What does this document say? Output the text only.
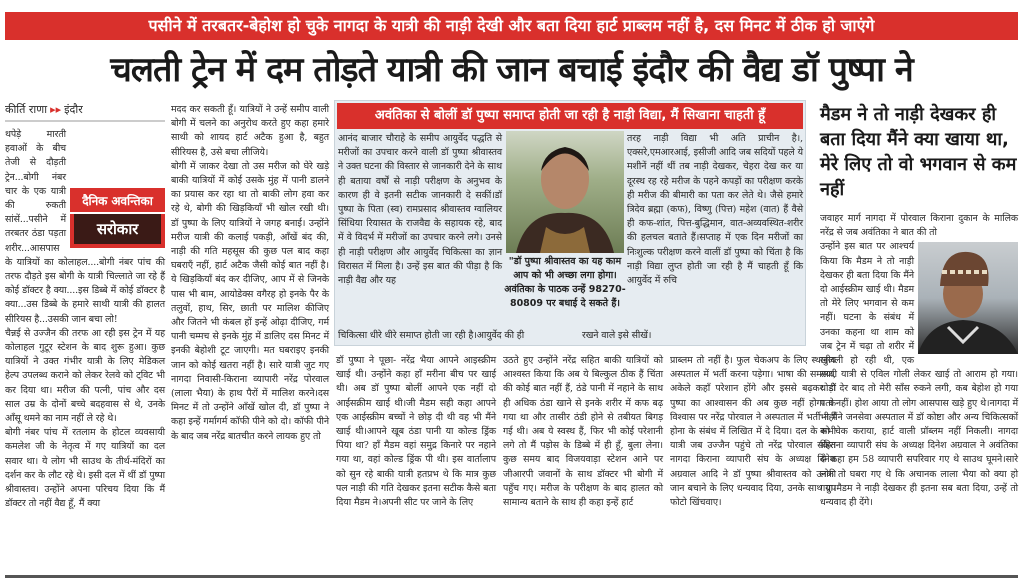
पसीने में तरबतर-बेहोश हो चुके नागदा के यात्री की नाड़ी देखी और बता दिया हार्ट प्राब्लम नहीं है, दस मिनट में ठीक हो जाएंगे
चलती ट्रेन में दम तोड़ते यात्री की जान बचाई इंदौर की वैद्य डॉ पुष्पा ने
कीर्ति राणा ▸▸ इंदौर
दैनिक अवन्तिका
सरोकार

थपेड़े मारती हवाओं के बीच तेजी से दौड़ती ट्रेन...बोगी नंबर चार के एक यात्री की रुकती सांसें...पसीने में तरबतर ठंडा पड़ता शरीर...आसपास के यात्रियों का कोलाहल....बोगी नंबर पांच की तरफ दौड़ते इस बोगी के यात्री चिल्लाते जा रहे हैं कोई डॉक्टर है क्या....इस डिब्बे में कोई डॉक्टर है क्या...उस डिब्बे के हमारे साथी यात्री की हालत सीरियस है...उसकी जान बचा लो!

चैन्नई से उज्जैन की तरफ आ रही इस ट्रेन में यह कोलाहल गुटूर स्टेशन के बाद शुरू हुआ। कुछ यात्रियों ने उक्त गंभीर यात्री के लिए मेडिकल हेल्प उपलब्ध कराने को लेकर रेलवे को ट्विट भी कर दिया था। मरीज की पत्नी, पांच और दस साल उम्र के दोनों बच्चे बदहवास से थे, उनके आँसू थमने का नाम नहीं ले रहे थे।

बोगी नंबर पांच में रतलाम के होटल व्यवसायी कमलेश जी के नेतृत्व में गए यात्रियों का दल सवार था। ये लोग भी साउथ के तीर्थ-मंदिरों का दर्शन कर के लौट रहे थे। इसी दल में थीं डॉ पुष्पा श्रीवास्तव। उन्होंने अपना परिचय दिया कि मैं डॉक्टर तो नहीं वैद्य हूँ, मैं क्या

मदद कर सकती हूँ। यात्रियों ने उन्हें समीप वाली बोगी में चलने का अनुरोध करते हुए कहा हमारे साथी को शायद हार्ट अटैक हुआ है, बहुत सीरियस है, उसे बचा लीजिये।

बोगी में जाकर देखा तो उस मरीज को घेरे खड़े बाकी यात्रियों में कोई उसके मुंह में पानी डालने का प्रयास कर रहा था तो बाकी लोग हवा कर रहे थे, बोगी की खिड़कियाँ भी खोल रखी थी। डॉ पुष्पा के लिए यात्रियों ने जगह बनाई। उन्होंने मरीज यात्री की कलाई पकड़ी, आँखें बंद की, नाड़ी की गति महसूस की कुछ पल बाद कहा घबराएँ नहीं, हार्ट अटैक जैसी कोई बात नहीं है। ये खिड़कियाँ बंद कर दीजिए, आप में से जिनके पास भी बाम, आयोडेक्स वगैरह हो इनके पैर के तलुवों, हाथ, सिर, छाती पर मालिश कीजिए और जितने भी कंबल हों इन्हें ओढ़ा दीजिए, गर्म पानी चम्मच से इनके मुंह में डालिए दस मिनट में इनकी बेहोशी टूट जाएगी। मत घबराइए इनकी जान को कोई खतरा नहीं है। सारे यात्री जुट गए नागदा निवासी-किराना व्यापारी नरेंद्र पोरवाल (लाला भैया) के हाथ पैरों में मालिश करने।दस मिनट में तो उन्होंने आँखें खोल दी, डॉ पुष्पा ने कहा इन्हें गर्मागर्म कॉफी पीने को दो। कॉफी पीने के बाद जब नरेंद्र बातचीत करने लायक हुए तो

अवंतिका से बोलीं डॉ पुष्पा समाप्त होती जा रही है नाड़ी विद्या, मैं सिखाना चाहती हूँ
आनंद बाजार चौराहे के समीप आयुर्वेद पद्धति से मरीजों का उपचार करने वाली डॉ पुष्पा श्रीवास्तव ने उक्त घटना की विस्तार से जानकारी देने के साथ ही बताया वर्षों से नाड़ी परीक्षण के अनुभव के कारण ही वे इतनी सटीक जानकारी दे सकीं।डॉ पुष्पा के पिता (स्व) रामप्रसाद श्रीवास्तव ग्वालियर सिंधिया रियासत के राजवैद्य के सहायक रहे, बाद में वे विदर्भ में मरीजों का उपचार करने लगे। उनसे ही नाड़ी परीक्षण और आयुर्वेद चिकित्सा का ज्ञान विरासत में मिला है। उन्हें इस बात की पीड़ा है कि नाड़ी वैद्य और यह
"डॉ पुष्पा श्रीवास्तव का यह काम आप को भी अच्छा लगा होगा। अवंतिका के पाठक उन्हें 98270-80809 पर बधाई दे सकते हैं।
तरह नाड़ी विद्या भी अति प्राचीन है।, एक्सरे,एमआरआई, इसीजी आदि जब सदियों पहले ये मशीनें नहीं थीं तब नाड़ी देखकर, चेहरा देख कर या दूरस्थ रह रहे मरीज के पहने कपड़ों का परीक्षण करके ही मरीज की बीमारी का पता कर लेते थे। जैसे हमारे त्रिदेव ब्रह्मा (कफ), विष्णु (पित्त) महेश (वात) हैं वैसे ही कफ-शांत, पित्त-बुद्धिमान, वात-अव्यवस्थित-शरीर की हलचल बताते हैं।सप्ताह में एक दिन मरीजों का निःशुल्क परीक्षण करने वालीं डॉ पुष्पा को चिंता है कि नाड़ी विद्या लुप्त होती जा रही है मैं चाहती हूँ कि आयुर्वेद में रुचि
चिकित्सा धीरे धीरे समाप्त होती जा रही है।आयुर्वेद की ही	रखने वाले इसे सीखें।
डॉ पुष्पा ने पूछा- नरेंद्र भैया आपने आइस्क्रीम खाई थी। उन्होंने कहा हाँ मरीना बीच पर खाई थी। अब डॉ पुष्पा बोलीं आपने एक नहीं दो आईसक्रीम खाई थी।जी मैडम सही कहा आपने एक आईस्क्रीम बच्चों ने छोड़ दी थी वह भी मैंने खाई थी।आपने खूब ठंडा पानी या कोल्ड ड्रिंक पिया था? हाँ मैडम वहां समुद्र किनारे पर नहाने गया था, वहां कोल्ड ड्रिंक पी थी। इस वार्तालाप को सुन रहे बाकी यात्री हतप्रभ थे कि मात्र कुछ पल नाड़ी की गति देखकर इतना सटीक कैसे बता दिया मैडम ने।अपनी सीट पर जाने के लिए
उठते हुए उन्होंने नरेंद्र सहित बाकी यात्रियों को आश्वस्त किया कि अब ये बिल्कुल ठीक हैं चिंता की कोई बात नहीं हैं, ठंडे पानी में नहाने के साथ ही अधिक ठंडा खाने से इनके शरीर में कफ बढ़ गया था और तासीर ठंडी होने से तबीयत बिगड़ गई थी। अब ये स्वस्थ हैं, फिर भी कोई परेशानी लगे तो मैं पड़ोस के डिब्बे में ही हूँ, बुला लेना। कुछ समय बाद विजयवाड़ा स्टेशन आने पर जीआरपी जवानों के साथ डॉक्टर भी बोगी में पहुँच गए। मरीज के परीक्षण के बाद हालत को सामान्य बताने के साथ ही कहा इन्हें हार्ट
प्राब्लम तो नहीं है। फुल चेकअप के लिए स्थानीय अस्पताल में भर्ती करना पड़ेगा। भाषा की समस्या, अकेले कहाँ परेशान होंगे और इससे बढ़कर डॉ पुष्पा का आश्वासन की अब कुछ नहीं होगा के विश्वास पर नरेंद्र पोरवाल ने अस्पताल में भर्ती नहीं होना के संबंध में लिखित में दे दिया। दल के सभी यात्री जब उज्जैन पहुंचे तो नरेंद्र पोरवाल सहित नागदा किराना व्यापारी संघ के अध्यक्ष दिनेश अग्रवाल आदि ने डॉ पुष्पा श्रीवास्तव को उनकी जान बचाने के लिए धन्यवाद दिया, उनके साथ ग्रुप फोटो खिंचवाए।
मैडम ने तो नाड़ी देखकर ही बता दिया मैंने क्या खाया था, मेरे लिए तो वो भगवान से कम नहीं
जवाहर मार्ग नागदा में पोरवाल किराना दुकान के मालिक नरेंद्र से जब अवंतिका ने बात की तो
उन्होंने इस बात पर आश्चर्य किया कि मैडम ने तो नाड़ी देखकर ही बता दिया कि मैंने दो आईस्क्रीम खाई थी। मैडम तो मेरे लिए भगवान से कम नहीं। घटना के संबंध में उनका कहना था शाम को जब ट्रेन में चढ़ा तो शरीर में खुजली हो रही थी, एक साथी यात्री से एविल गोली लेकर खाई तो आराम हो गया। थोड़ी देर बाद तो मेरी साँस रुकने लगी, कब बेहोश हो गया पता नहीं। होश आया तो लोग आसपास खड़े हुए थे।नागदा में भी मैंने जनसेवा अस्पताल में डॉ कोष्टा और अन्य चिकित्सकों को चेक कराया, हार्ट वाली प्रॉब्लम नहीं निकली। नागदा किराना व्यापारी संघ के अध्यक्ष दिनेश अग्रवाल ने अवंतिका से कहा हम 58 व्यापारी सपरिवार गए थे साउथ घूमने।सारे लोग तो घबरा गए थे कि अचानक लाला भैया को क्या हो गया।मैडम ने नाड़ी देखकर ही इतना सब बता दिया, उन्हें तो धन्यवाद ही देंगे।
